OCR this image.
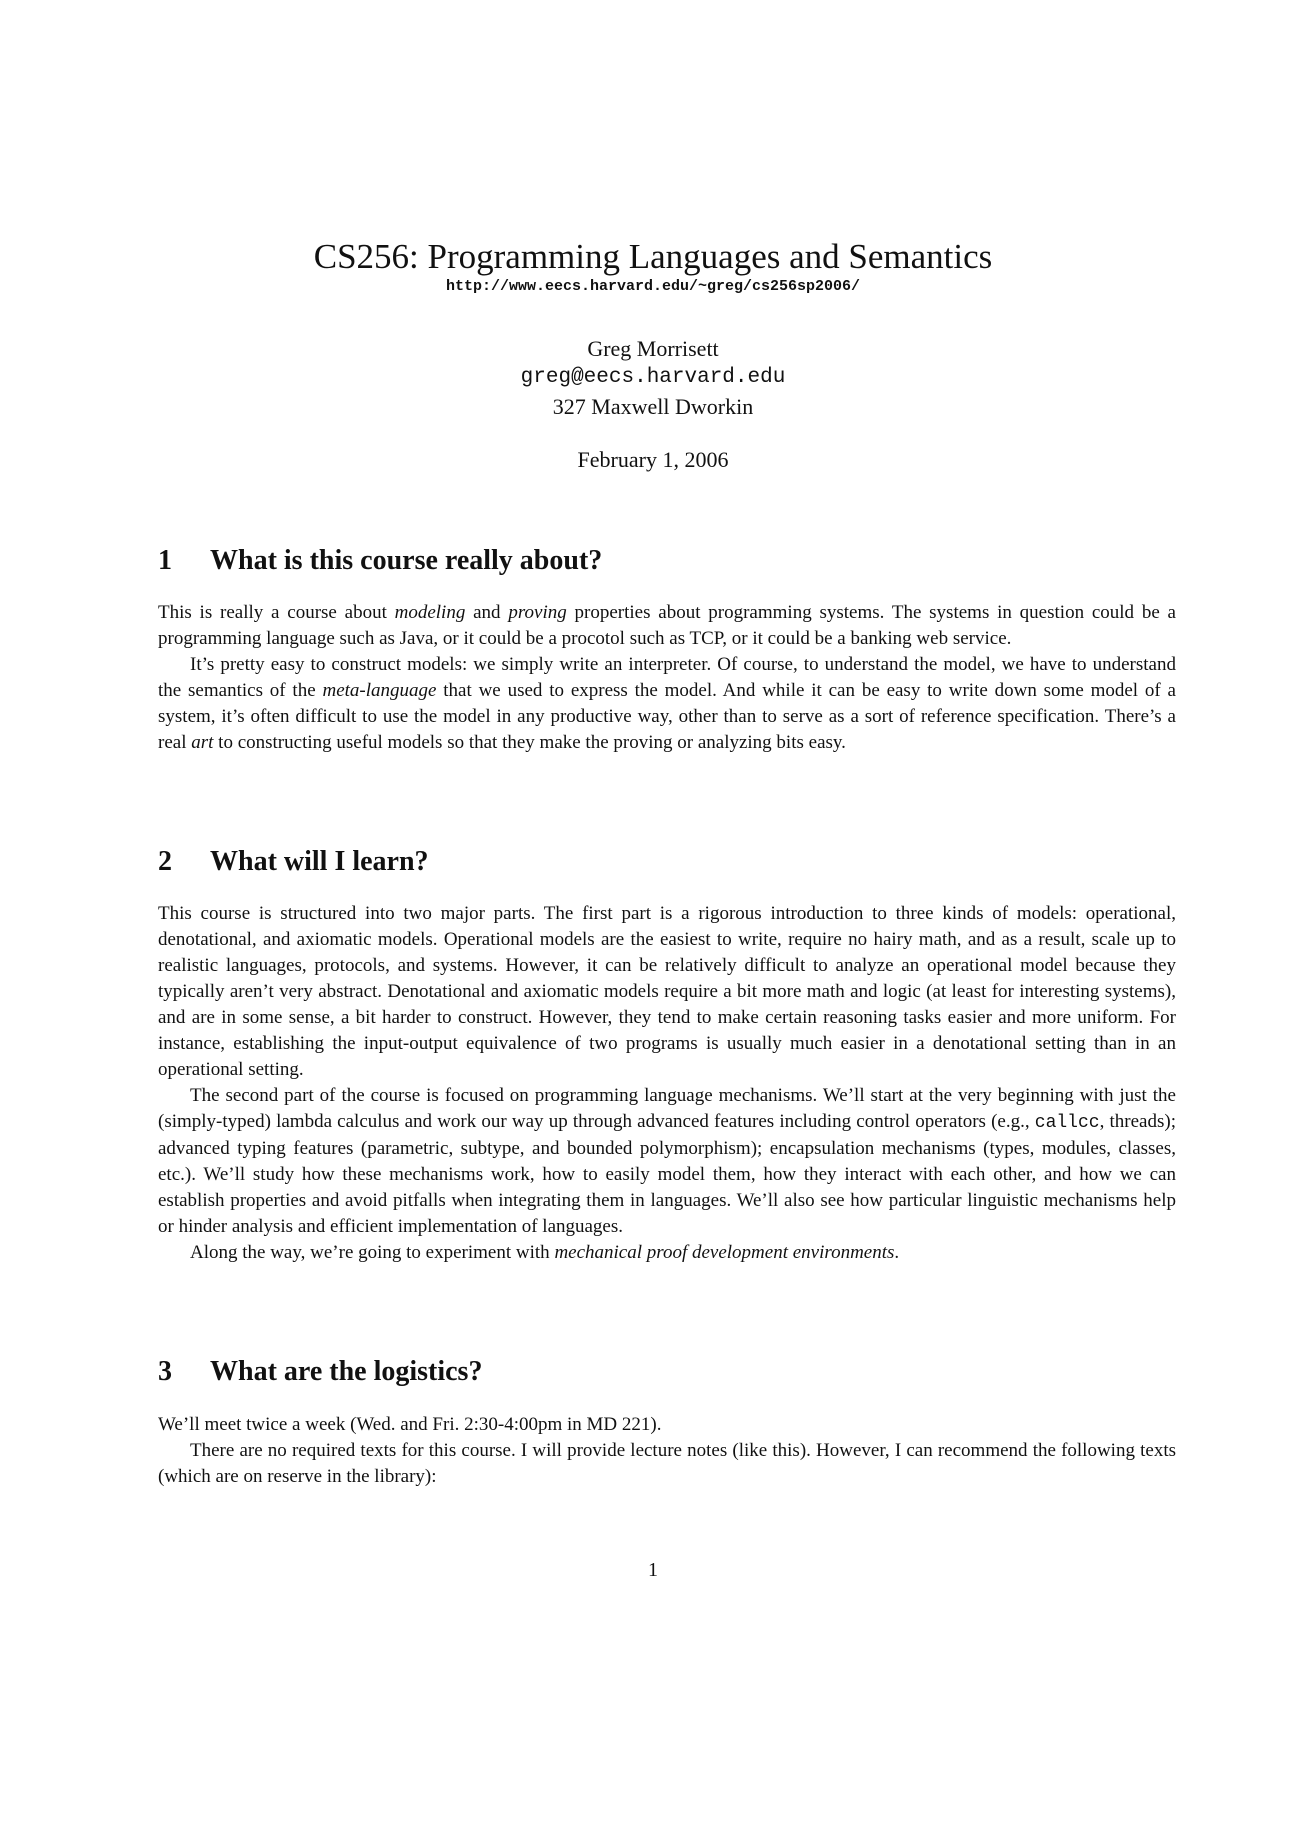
CS256: Programming Languages and Semantics
http://www.eecs.harvard.edu/~greg/cs256sp2006/
Greg Morrisett
greg@eecs.harvard.edu
327 Maxwell Dworkin
February 1, 2006
1 What is this course really about?

This is really a course about modeling and proving properties about programming systems. The systems in question could be a programming language such as Java, or it could be a procotol such as TCP, or it could be a banking web service.

It’s pretty easy to construct models: we simply write an interpreter. Of course, to understand the model, we have to understand the semantics of the meta-language that we used to express the model. And while it can be easy to write down some model of a system, it’s often difficult to use the model in any productive way, other than to serve as a sort of reference specification. There’s a real art to constructing useful models so that they make the proving or analyzing bits easy.

2 What will I learn?

This course is structured into two major parts. The first part is a rigorous introduction to three kinds of models: operational, denotational, and axiomatic models. Operational models are the easiest to write, require no hairy math, and as a result, scale up to realistic languages, protocols, and systems. However, it can be relatively difficult to analyze an operational model because they typically aren’t very abstract. Denotational and axiomatic models require a bit more math and logic (at least for interesting systems), and are in some sense, a bit harder to construct. However, they tend to make certain reasoning tasks easier and more uniform. For instance, establishing the input-output equivalence of two programs is usually much easier in a denotational setting than in an operational setting.

The second part of the course is focused on programming language mechanisms. We’ll start at the very beginning with just the (simply-typed) lambda calculus and work our way up through advanced features including control operators (e.g., callcc, threads); advanced typing features (parametric, subtype, and bounded polymorphism); encapsulation mechanisms (types, modules, classes, etc.). We’ll study how these mechanisms work, how to easily model them, how they interact with each other, and how we can establish properties and avoid pitfalls when integrating them in languages. We’ll also see how particular linguistic mechanisms help or hinder analysis and efficient implementation of languages.

Along the way, we’re going to experiment with mechanical proof development environments.

3 What are the logistics?

We’ll meet twice a week (Wed. and Fri. 2:30-4:00pm in MD 221).

There are no required texts for this course. I will provide lecture notes (like this). However, I can recommend the following texts (which are on reserve in the library):

1
